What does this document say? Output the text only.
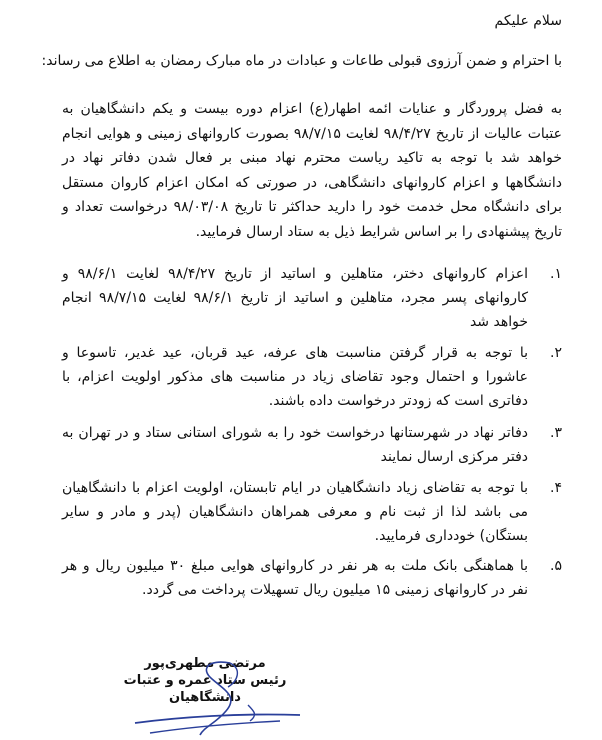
سلام علیکم
با احترام و ضمن آرزوی قبولی طاعات و عبادات در ماه مبارک رمضان به اطلاع می رساند:
به فضل پروردگار و عنایات ائمه اطهار(ع) اعزام دوره بیست و یکم دانشگاهیان به عتبات عالیات از تاریخ ۹۸/۴/۲۷ لغایت ۹۸/۷/۱۵ بصورت کاروانهای زمینی و هوایی انجام خواهد شد با توجه به تاکید ریاست محترم نهاد مبنی بر فعال شدن دفاتر نهاد در دانشگاهها و اعزام کاروانهای دانشگاهی، در صورتی که امکان اعزام کاروان مستقل برای دانشگاه محل خدمت خود را دارید حداکثر تا تاریخ ۹۸/۰۳/۰۸ درخواست تعداد و تاریخ پیشنهادی را بر اساس شرایط ذیل به ستاد ارسال فرمایید.
۱.
اعزام کاروانهای دختر، متاهلین و اساتید از تاریخ ۹۸/۴/۲۷ لغایت ۹۸/۶/۱ و کاروانهای پسر مجرد، متاهلین و اساتید از تاریخ ۹۸/۶/۱ لغایت ۹۸/۷/۱۵ انجام خواهد شد
۲.
با توجه به قرار گرفتن مناسبت های عرفه، عید قربان، عید غدیر، تاسوعا و عاشورا و احتمال وجود تقاضای زیاد در مناسبت های مذکور اولویت اعزام، با دفاتری است که زودتر درخواست داده باشند.
۳.
دفاتر نهاد در شهرستانها درخواست خود را به شورای استانی ستاد و در تهران به دفتر مرکزی ارسال نمایند
۴.
با توجه به تقاضای زیاد دانشگاهیان در ایام تابستان، اولویت اعزام با دانشگاهیان می باشد لذا از ثبت نام و معرفی همراهان دانشگاهیان (پدر و مادر و سایر بستگان) خودداری فرمایید.
۵.
با هماهنگی بانک ملت به هر نفر در کاروانهای هوایی مبلغ ۳۰ میلیون ریال و هر نفر در کاروانهای زمینی ۱۵ میلیون ریال تسهیلات پرداخت می گردد.
مرتضی مطهری‌پور
رئیس ستاد عمره و عتبات
دانشگاهیان
